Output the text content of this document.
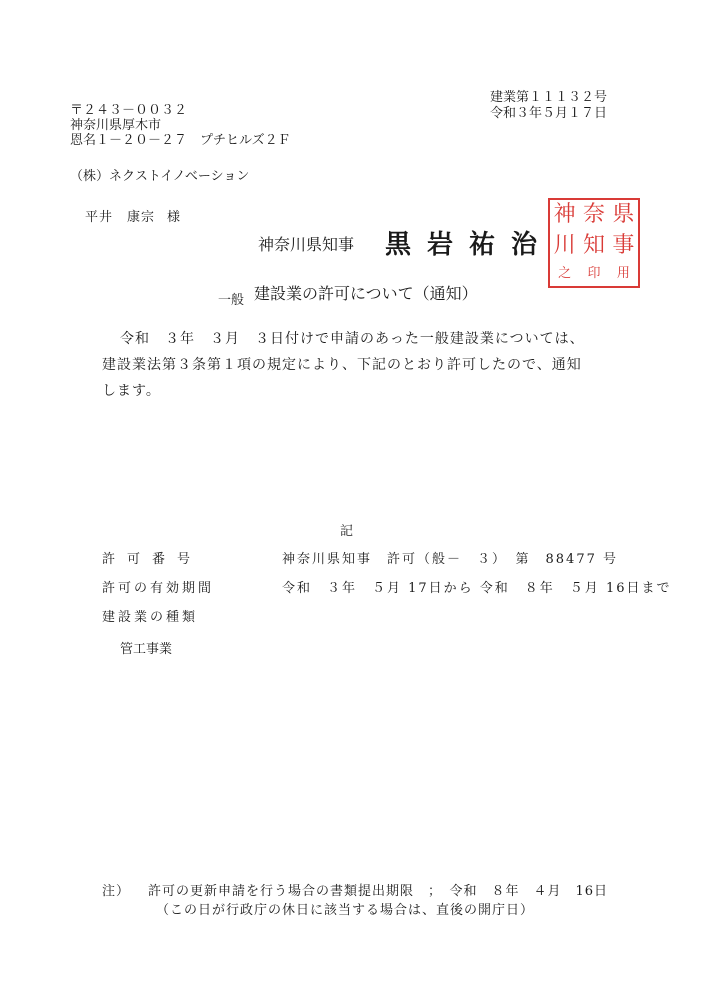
建業第１１１３２号
令和３年５月１７日
〒２４３－００３２
神奈川県厚木市
恩名１－２０－２７　プチヒルズ２Ｆ
（株）ネクストイノベーション
平井　康宗 様
神奈川県知事 黒岩祐治
神 奈 県
川 知 事
之 印 用
一般 建設業の許可について（通知）
令和　３年　３月　３日付けで申請のあった一般建設業については、
建設業法第３条第１項の規定により、下記のとおり許可したので、通知
します。
記
許可番号	神奈川県知事　許可（般－　３）　第　88477 号
許可の有効期間	令和　３年　５月 17日から 令和　８年　５月 16日まで
建設業の種類
管工事業
注） 許可の更新申請を行う場合の書類提出期限　；　令和　８年　４月　16日
（この日が行政庁の休日に該当する場合は、直後の開庁日）
